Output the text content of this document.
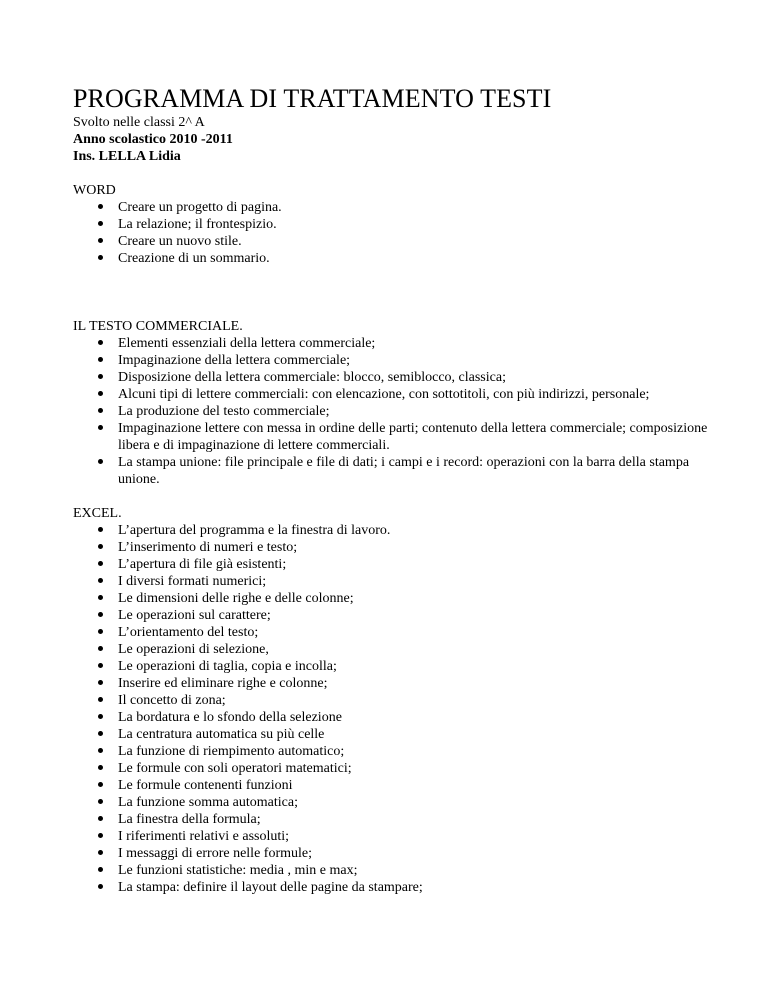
PROGRAMMA DI TRATTAMENTO TESTI

Svolto nelle classi 2^ A

Anno scolastico 2010 -2011

Ins. LELLA Lidia

WORD

Creare un progetto di pagina.
La relazione; il frontespizio.
Creare un nuovo stile.
Creazione di un sommario.

IL TESTO COMMERCIALE.

Elementi essenziali della lettera commerciale;
Impaginazione della lettera commerciale;
Disposizione della lettera commerciale: blocco, semiblocco, classica;
Alcuni tipi di lettere commerciali: con elencazione, con sottotitoli, con più indirizzi, personale;
La produzione del testo commerciale;
Impaginazione lettere con messa in ordine delle parti; contenuto della lettera commerciale; composizione libera e di impaginazione di lettere commerciali.
La stampa unione: file principale e file di dati; i campi e i record: operazioni con la barra della stampa unione.

EXCEL.

L’apertura del programma e la finestra di lavoro.
L’inserimento di numeri e testo;
L’apertura di file già esistenti;
I diversi formati numerici;
Le dimensioni delle righe e delle colonne;
Le operazioni sul carattere;
L’orientamento del testo;
Le operazioni di selezione,
Le operazioni di taglia, copia e incolla;
Inserire ed eliminare righe e colonne;
Il concetto di zona;
La bordatura e lo sfondo della selezione
La centratura automatica su più celle
La funzione di riempimento automatico;
Le formule con soli operatori matematici;
Le formule contenenti funzioni
La funzione somma automatica;
La finestra della formula;
I riferimenti relativi e assoluti;
I messaggi di errore nelle formule;
Le funzioni statistiche: media , min e max;
La stampa: definire il layout delle pagine da stampare;
